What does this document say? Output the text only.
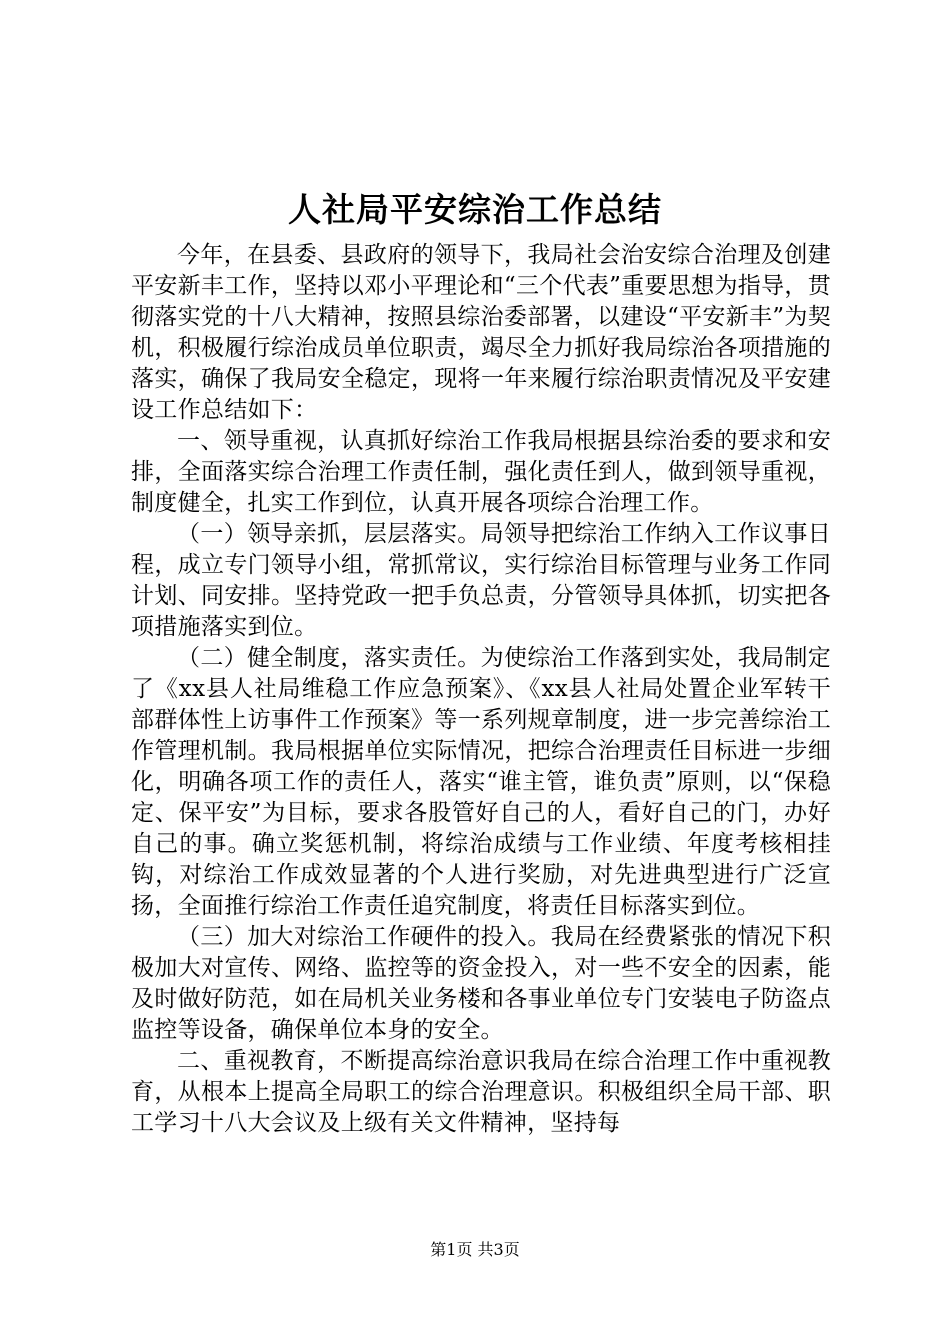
人社局平安综治工作总结

今年，在县委、县政府的领导下，我局社会治安综合治理及创建平安新丰工作，坚持以邓小平理论和“三个代表”重要思想为指导，贯彻落实党的十八大精神，按照县综治委部署，以建设“平安新丰”为契机，积极履行综治成员单位职责，竭尽全力抓好我局综治各项措施的落实，确保了我局安全稳定，现将一年来履行综治职责情况及平安建设工作总结如下：

一、领导重视，认真抓好综治工作我局根据县综治委的要求和安排，全面落实综合治理工作责任制，强化责任到人，做到领导重视，制度健全，扎实工作到位，认真开展各项综合治理工作。

（一）领导亲抓，层层落实。局领导把综治工作纳入工作议事日程，成立专门领导小组，常抓常议，实行综治目标管理与业务工作同计划、同安排。坚持党政一把手负总责，分管领导具体抓，切实把各项措施落实到位。

（二）健全制度，落实责任。为使综治工作落到实处，我局制定了《xx县人社局维稳工作应急预案》、《xx县人社局处置企业军转干部群体性上访事件工作预案》等一系列规章制度，进一步完善综治工作管理机制。我局根据单位实际情况，把综合治理责任目标进一步细化，明确各项工作的责任人，落实“谁主管，谁负责”原则，以“保稳定、保平安”为目标，要求各股管好自己的人，看好自己的门，办好自己的事。确立奖惩机制，将综治成绩与工作业绩、年度考核相挂钩，对综治工作成效显著的个人进行奖励，对先进典型进行广泛宣扬，全面推行综治工作责任追究制度，将责任目标落实到位。

（三）加大对综治工作硬件的投入。我局在经费紧张的情况下积极加大对宣传、网络、监控等的资金投入，对一些不安全的因素，能及时做好防范，如在局机关业务楼和各事业单位专门安装电子防盗点监控等设备，确保单位本身的安全。

二、重视教育，不断提高综治意识我局在综合治理工作中重视教育，从根本上提高全局职工的综合治理意识。积极组织全局干部、职工学习十八大会议及上级有关文件精神，坚持每

第1页 共3页
